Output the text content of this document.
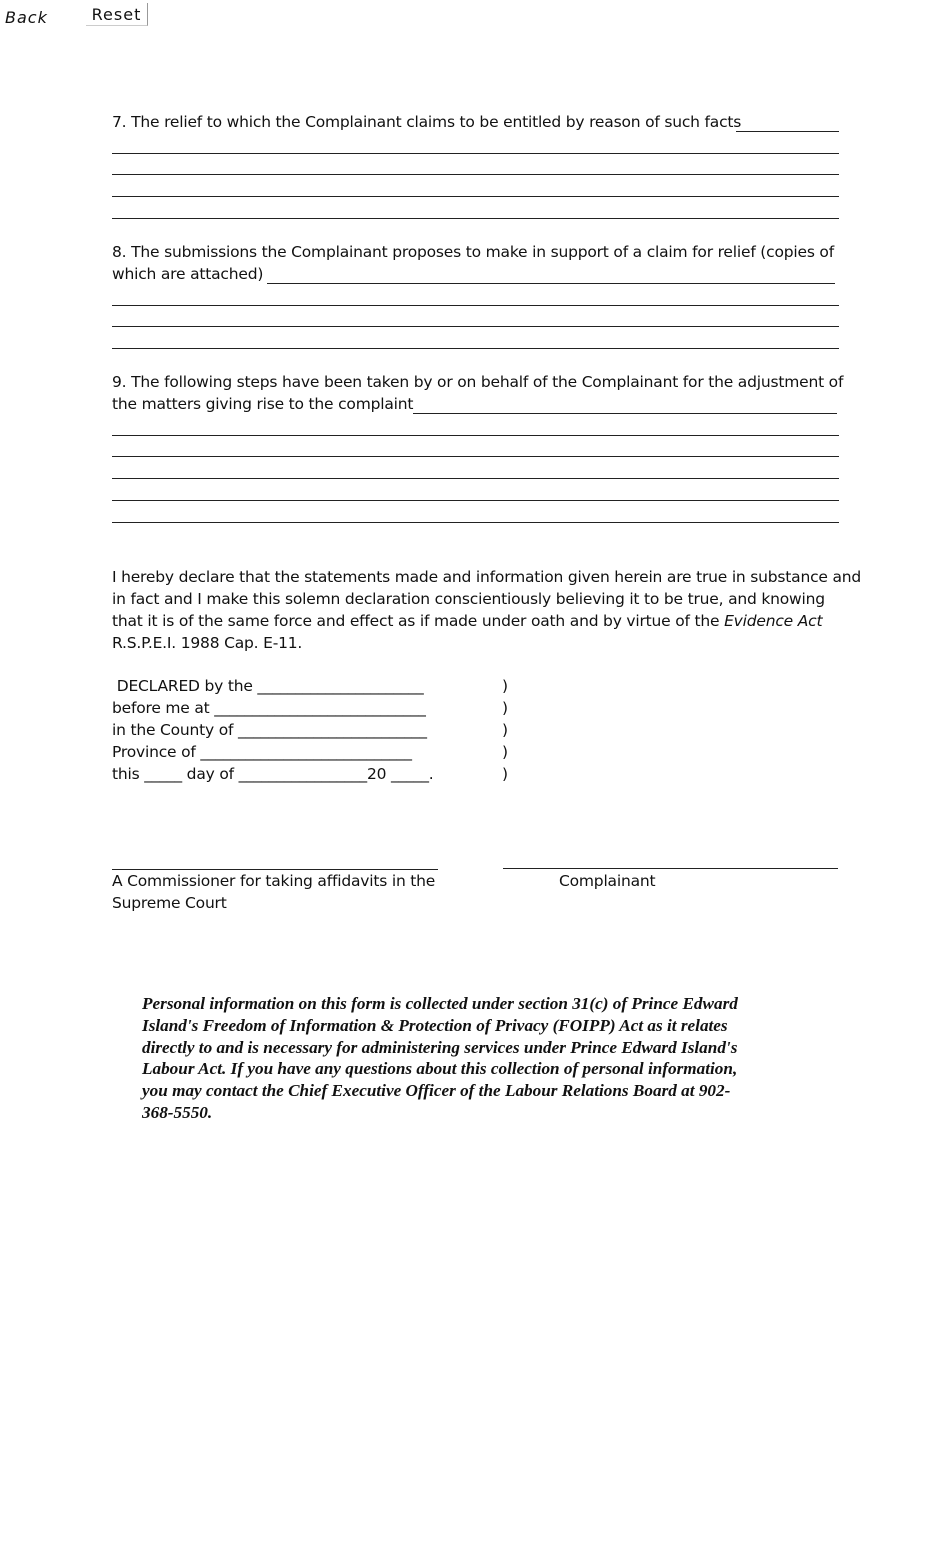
Back	Reset
7. The relief to which the Complainant claims to be entitled by reason of such facts
8. The submissions the Complainant proposes to make in support of a claim for relief (copies of
which are attached)
9. The following steps have been taken by or on behalf of the Complainant for the adjustment of
the matters giving rise to the complaint
I hereby declare that the statements made and information given herein are true in substance and
in fact and I make this solemn declaration conscientiously believing it to be true, and knowing
that it is of the same force and effect as if made under oath and by virtue of the Evidence Act
R.S.P.E.I. 1988 Cap. E-11.
DECLARED by the ______________________
before me at ____________________________
in the County of _________________________
Province of ____________________________
this _____ day of _________________20 _____.
)
)
)
)
)
A Commissioner for taking affidavits in the
Supreme Court
Complainant
Personal information on this form is collected under section 31(c) of Prince Edward
Island's Freedom of Information & Protection of Privacy (FOIPP) Act as it relates
directly to and is necessary for administering services under Prince Edward Island's
Labour Act. If you have any questions about this collection of personal information,
you may contact the Chief Executive Officer of the Labour Relations Board at 902-
368-5550.
